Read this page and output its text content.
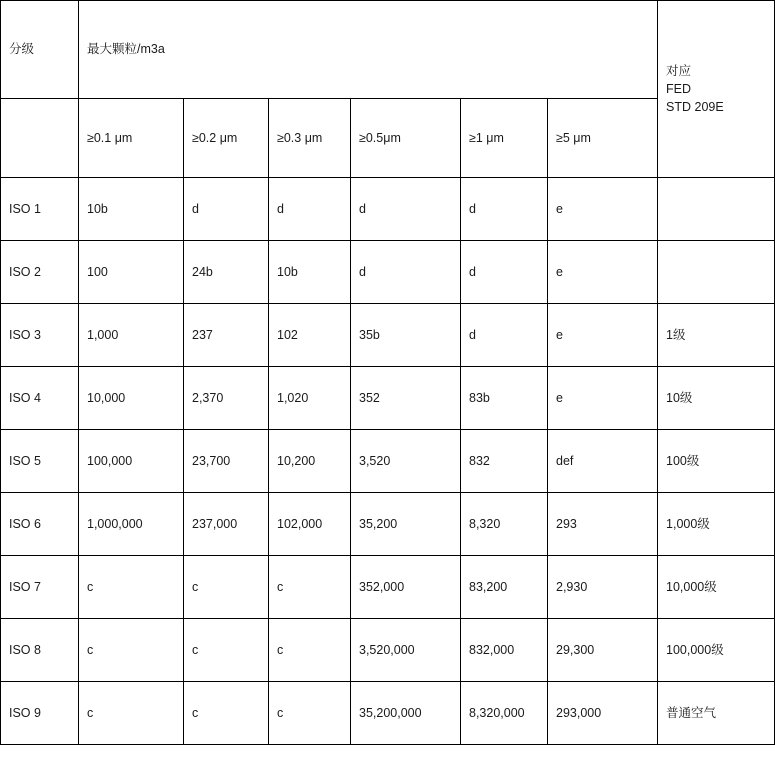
分级	最大颗粒/m3a						对应
FED
STD 209E

	≥0.1 μm	≥0.2 μm	≥0.3 μm	≥0.5μm	≥1 μm	≥5 μm	
ISO 1	10b	d	d	d	d	e	
ISO 2	100	24b	10b	d	d	e	
ISO 3	1,000	237	102	35b	d	e	1级
ISO 4	10,000	2,370	1,020	352	83b	e	10级
ISO 5	100,000	23,700	10,200	3,520	832	def	100级
ISO 6	1,000,000	237,000	102,000	35,200	8,320	293	1,000级
ISO 7	c	c	c	352,000	83,200	2,930	10,000级
ISO 8	c	c	c	3,520,000	832,000	29,300	100,000级
ISO 9	c	c	c	35,200,000	8,320,000	293,000	普通空气
